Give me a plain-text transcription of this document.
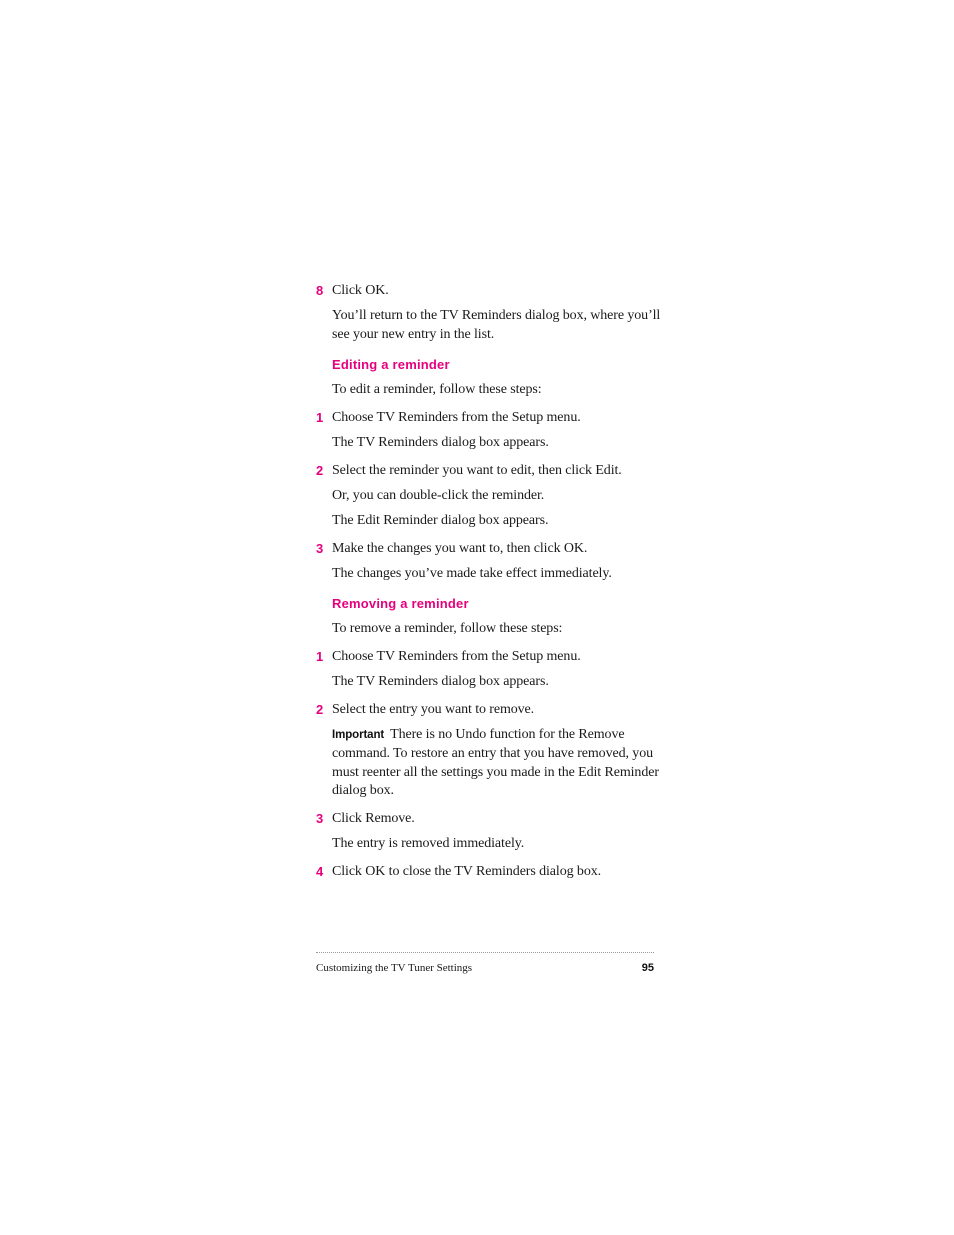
8 Click OK.
You’ll return to the TV Reminders dialog box, where you’ll
see your new entry in the list.
Editing a reminder
To edit a reminder, follow these steps:
1 Choose TV Reminders from the Setup menu.
The TV Reminders dialog box appears.
2 Select the reminder you want to edit, then click Edit.
Or, you can double-click the reminder.
The Edit Reminder dialog box appears.
3 Make the changes you want to, then click OK.
The changes you’ve made take effect immediately.
Removing a reminder
To remove a reminder, follow these steps:
1 Choose TV Reminders from the Setup menu.
The TV Reminders dialog box appears.
2 Select the entry you want to remove.
Important There is no Undo function for the Remove
command. To restore an entry that you have removed, you
must reenter all the settings you made in the Edit Reminder
dialog box.
3 Click Remove.
The entry is removed immediately.
4 Click OK to close the TV Reminders dialog box.
Customizing the TV Tuner Settings	95
